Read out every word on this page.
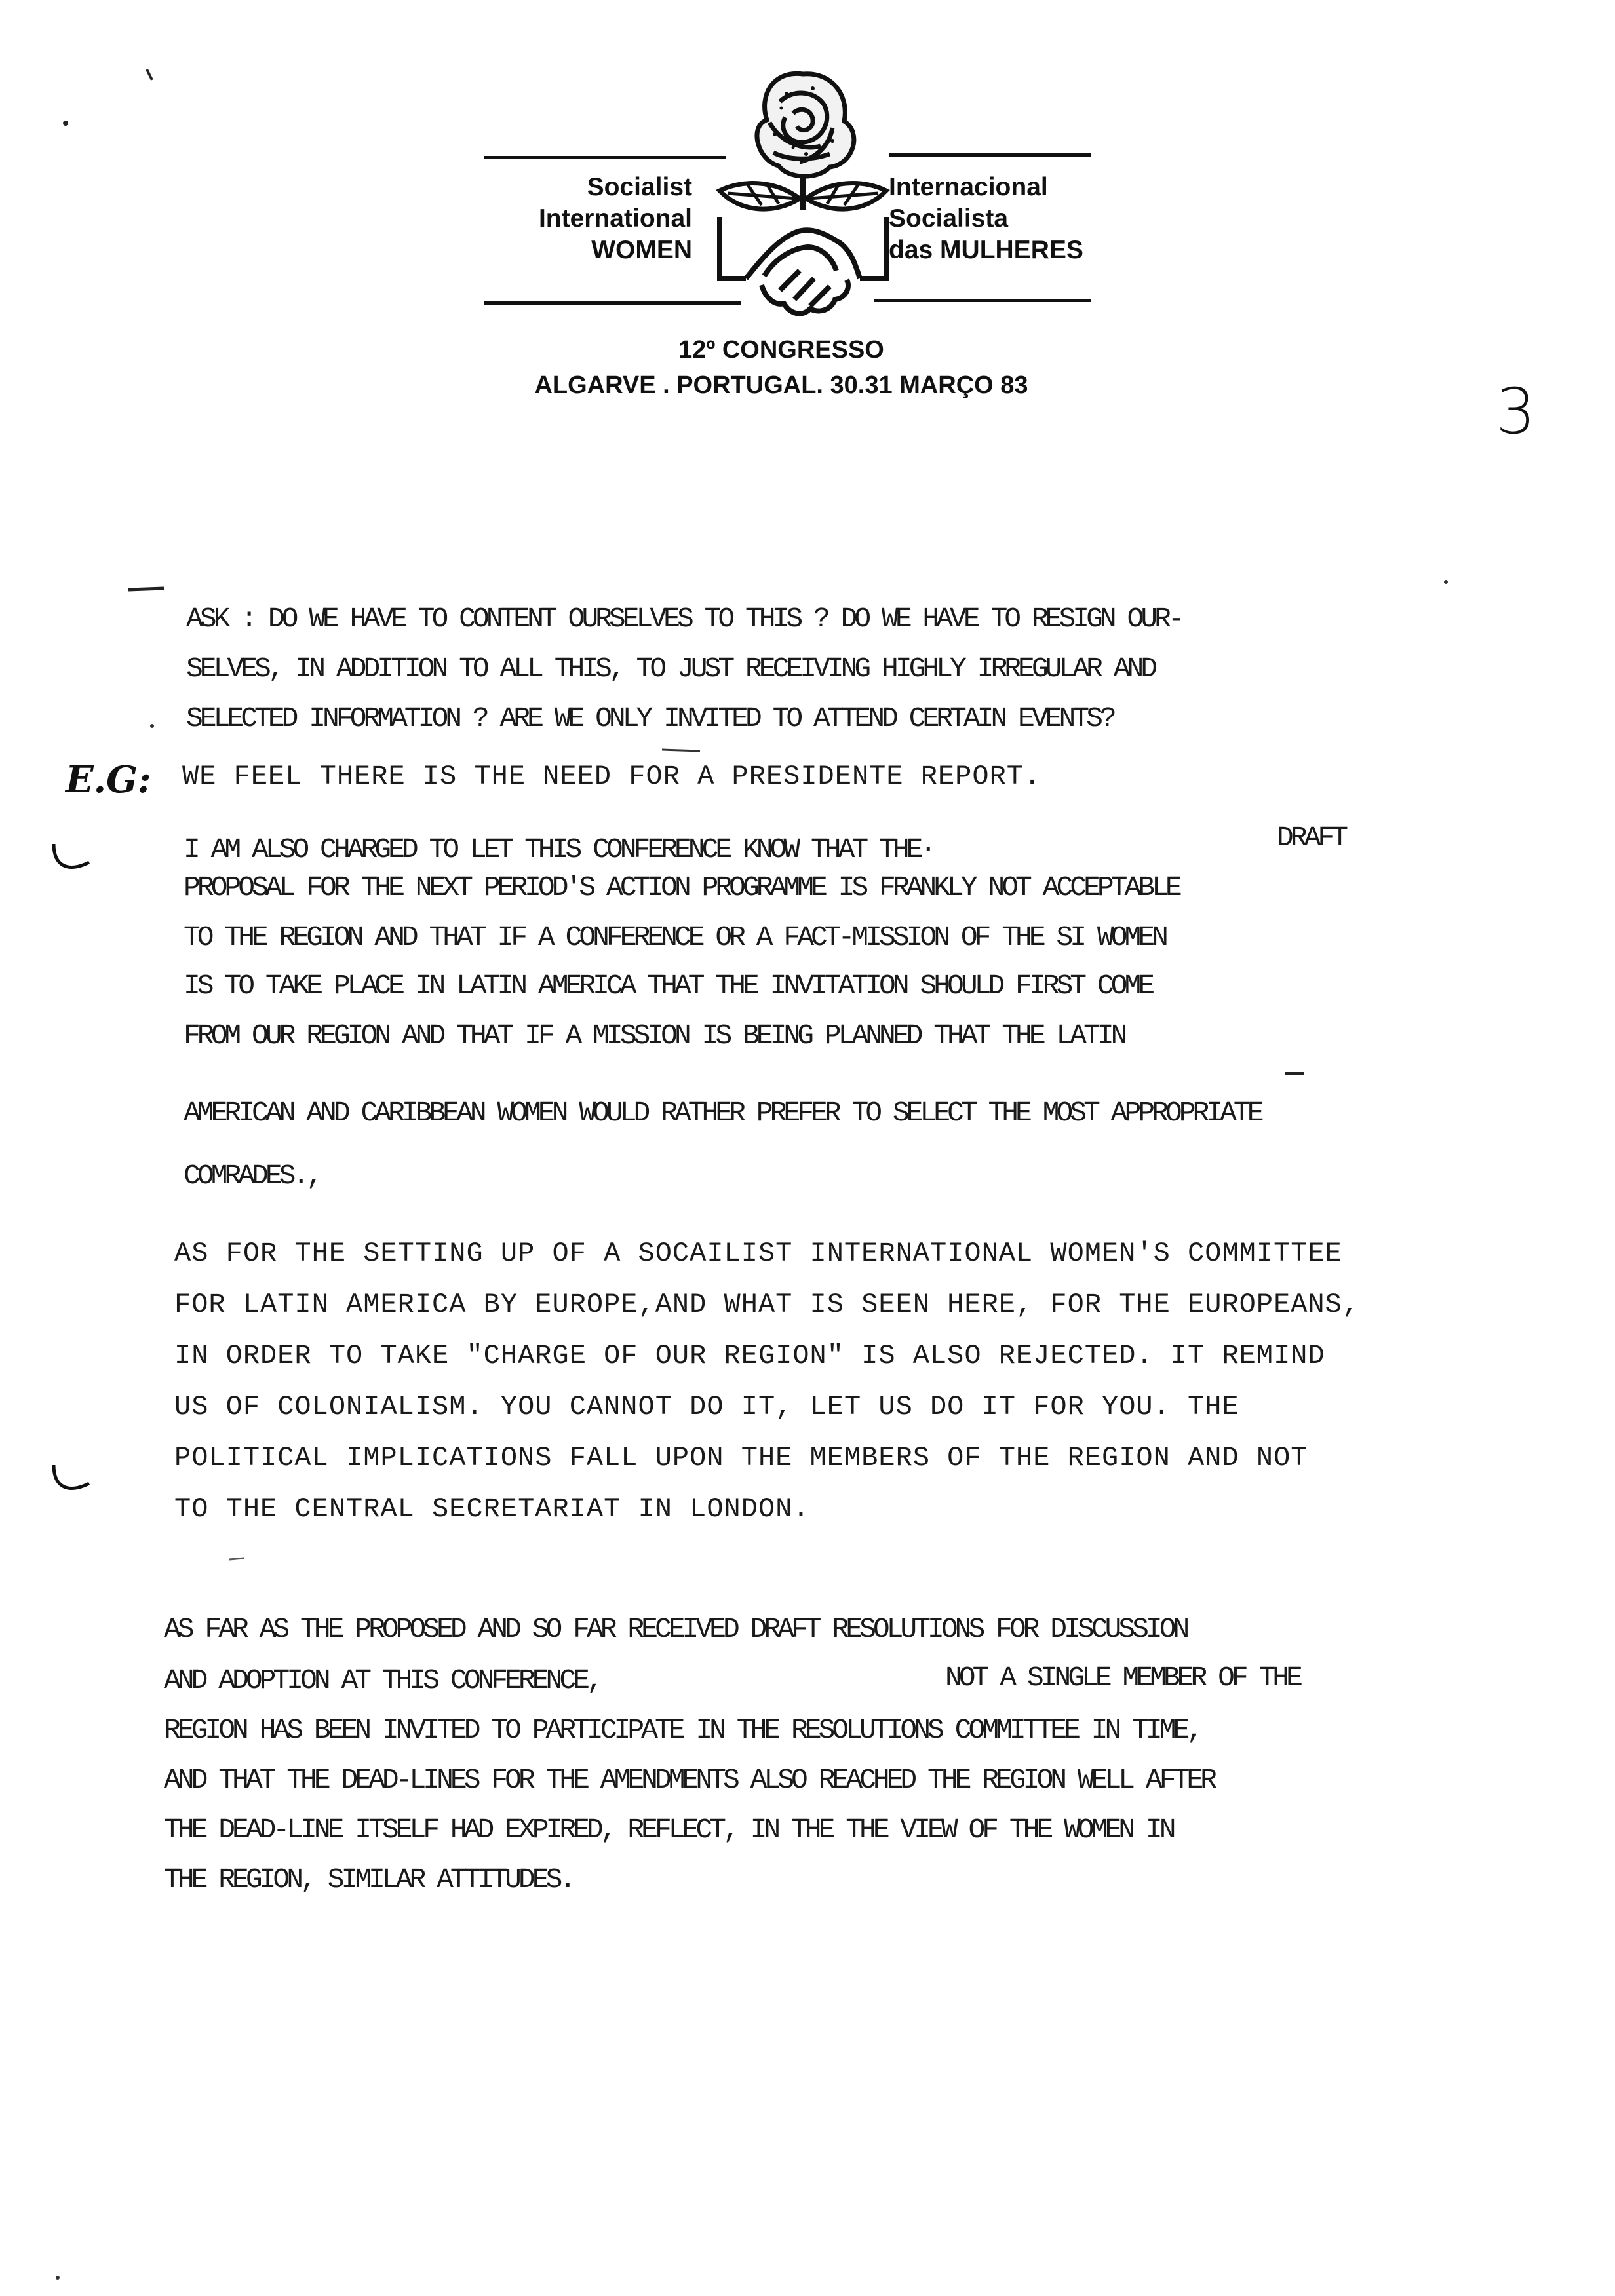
Socialist
International
WOMEN
Internacional
Socialista
das MULHERES
12º CONGRESSO
ALGARVE . PORTUGAL. 30.31 MARÇO 83	3
E.G:
ASK : DO WE HAVE TO CONTENT OURSELVES TO THIS ? DO WE HAVE TO RESIGN OUR-
SELVES, IN ADDITION TO ALL THIS, TO JUST RECEIVING HIGHLY IRREGULAR AND
SELECTED INFORMATION ? ARE WE ONLY INVITED TO ATTEND CERTAIN EVENTS?
WE FEEL THERE IS THE NEED FOR A PRESIDENTE REPORT.
I AM ALSO CHARGED TO LET THIS CONFERENCE KNOW THAT THE·	DRAFT
PROPOSAL FOR THE NEXT PERIOD'S ACTION PROGRAMME IS FRANKLY NOT ACCEPTABLE
TO THE REGION AND THAT IF A CONFERENCE OR A FACT-MISSION OF THE SI WOMEN
IS TO TAKE PLACE IN LATIN AMERICA THAT THE INVITATION SHOULD FIRST COME
FROM OUR REGION AND THAT IF A MISSION IS BEING PLANNED THAT THE LATIN
AMERICAN AND CARIBBEAN WOMEN WOULD RATHER PREFER TO SELECT THE MOST APPROPRIATE
COMRADES.,
AS FOR THE SETTING UP OF A SOCAILIST INTERNATIONAL WOMEN'S COMMITTEE
FOR LATIN AMERICA BY EUROPE,AND WHAT IS SEEN HERE, FOR THE EUROPEANS,
IN ORDER TO TAKE "CHARGE OF OUR REGION" IS ALSO REJECTED. IT REMIND
US OF COLONIALISM. YOU CANNOT DO IT, LET US DO IT FOR YOU. THE
POLITICAL IMPLICATIONS FALL UPON THE MEMBERS OF THE REGION AND NOT
TO THE CENTRAL SECRETARIAT IN LONDON.
AS FAR AS THE PROPOSED AND SO FAR RECEIVED DRAFT RESOLUTIONS FOR DISCUSSION
AND ADOPTION AT THIS CONFERENCE,	NOT A SINGLE MEMBER OF THE
REGION HAS BEEN INVITED TO PARTICIPATE IN THE RESOLUTIONS COMMITTEE IN TIME,
AND THAT THE DEAD-LINES FOR THE AMENDMENTS ALSO REACHED THE REGION WELL AFTER
THE DEAD-LINE ITSELF HAD EXPIRED, REFLECT, IN THE THE VIEW OF THE WOMEN IN
THE REGION, SIMILAR ATTITUDES.
